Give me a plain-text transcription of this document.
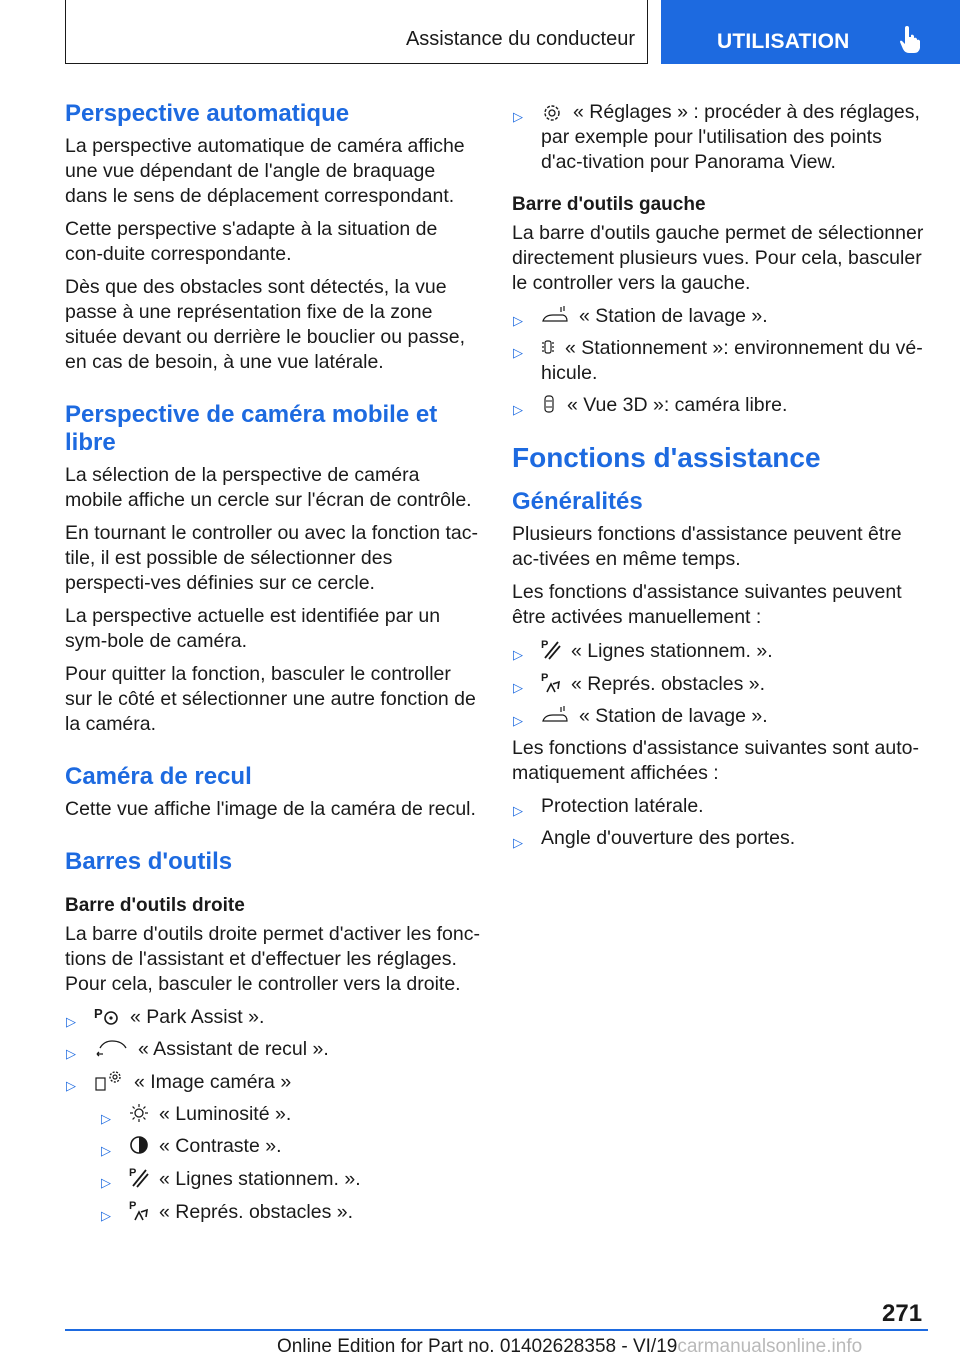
Assistance du conducteur	UTILISATION
Perspective automatique
La perspective automatique de caméra affiche une vue dépendant de l'angle de braquage dans le sens de déplacement correspondant.
Cette perspective s'adapte à la situation de con-duite correspondante.
Dès que des obstacles sont détectés, la vue passe à une représentation fixe de la zone située devant ou derrière le bouclier ou passe, en cas de besoin, à une vue latérale.
Perspective de caméra mobile et libre
La sélection de la perspective de caméra mobile affiche un cercle sur l'écran de contrôle.
En tournant le controller ou avec la fonction tac-tile, il est possible de sélectionner des perspecti-ves définies sur ce cercle.
La perspective actuelle est identifiée par un sym-bole de caméra.
Pour quitter la fonction, basculer le controller sur le côté et sélectionner une autre fonction de la caméra.
Caméra de recul
Cette vue affiche l'image de la caméra de recul.
Barres d'outils
Barre d'outils droite
La barre d'outils droite permet d'activer les fonc-tions de l'assistant et d'effectuer les réglages. Pour cela, basculer le controller vers la droite.
▷
P « Park Assist ».
▷	« Assistant de recul ».
▷	« Image caméra »
▷ « Luminosité ».
▷ « Contraste ».
▷
P « Lignes stationnem. ».
▷
P « Représ. obstacles ».
▷	« Réglages » : procéder à des réglages, par exemple pour l'utilisation des points d'ac-tivation pour Panorama View.
Barre d'outils gauche
La barre d'outils gauche permet de sélectionner directement plusieurs vues. Pour cela, basculer le controller vers la gauche.
▷	« Station de lavage ».
▷ « Stationnement »: environnement du vé-hicule.
▷ « Vue 3D »: caméra libre.
Fonctions d'assistance
Généralités
Plusieurs fonctions d'assistance peuvent être ac-tivées en même temps.
Les fonctions d'assistance suivantes peuvent être activées manuellement :
▷
P « Lignes stationnem. ».
▷
P « Représ. obstacles ».
▷	« Station de lavage ».
Les fonctions d'assistance suivantes sont auto-matiquement affichées :
▷ Protection latérale.
▷ Angle d'ouverture des portes.
271
Online Edition for Part no. 01402628358 - VI/19carmanualsonline.info
